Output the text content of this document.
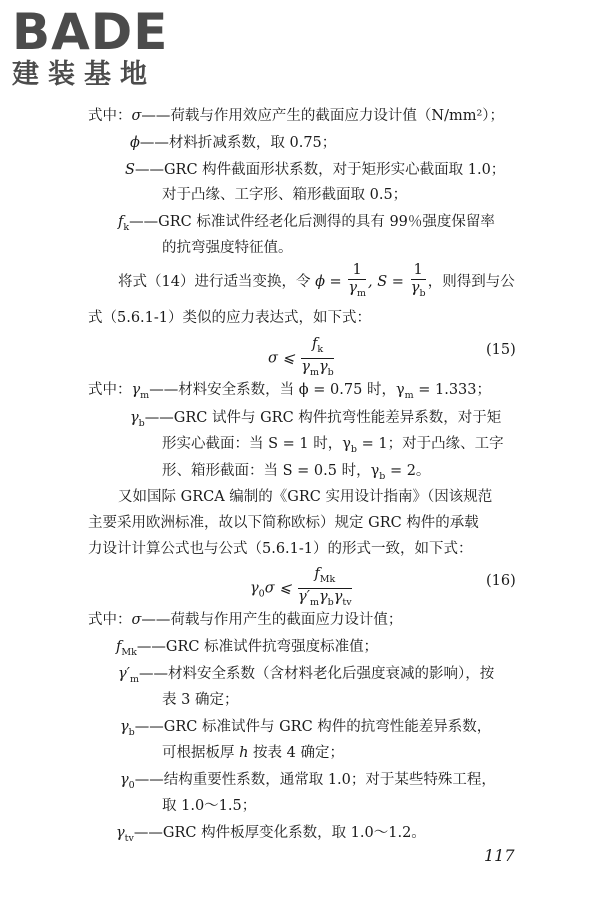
BADE
建装基地
式中：σ——荷载与作用效应产生的截面应力设计值（N/mm²）；
ϕ——材料折减系数，取 0.75；
S——GRC 构件截面形状系数，对于矩形实心截面取 1.0；
对于凸缘、工字形、箱形截面取 0.5；
$f_k——GRC$ 标准试件经老化后测得的具有 99％强度保留率
的抗弯强度特征值。
将式（14）进行适当变换，令 $\phi = \frac{1}{\gamma_m}$ , $S = \frac{1}{\gamma_b}$ ，则得到与公
式（5.6.1-1）类似的应力表达式，如下式：
σ ⩽ $\frac{f_k}{\gamma_m\gamma_b}$	(15)
式中：$\gamma_m——$材料安全系数，当 ϕ = 0.75 时，$\gamma_m = 1.333$；
$\gamma_b——GRC$ 试件与 GRC 构件抗弯性能差异系数，对于矩
形实心截面：当 S = 1 时，$\gamma_b = 1$；对于凸缘、工字
形、箱形截面：当 S = 0.5 时，$\gamma_b = 2$。
又如国际 GRCA 编制的《GRC 实用设计指南》（因该规范
主要采用欧洲标准，故以下简称欧标）规定 GRC 构件的承载
力设计计算公式也与公式（5.6.1-1）的形式一致，如下式：
$\gamma_0\sigma$ ⩽ $\frac{f_{Mk}}{\gamma'_m\gamma_b\gamma_{tv}}$	(16)
式中：σ——荷载与作用产生的截面应力设计值；
$f_{Mk}——GRC$ 标准试件抗弯强度标准值；
$\gamma'_m——$材料安全系数（含材料老化后强度衰减的影响），按
表 3 确定；
$\gamma_b——GRC$ 标准试件与 GRC 构件的抗弯性能差异系数，
可根据板厚 h 按表 4 确定；
$\gamma_0——$结构重要性系数，通常取 1.0；对于某些特殊工程，
取 1.0～1.5；
$\gamma_{tv}——GRC$ 构件板厚变化系数，取 1.0～1.2。
117
